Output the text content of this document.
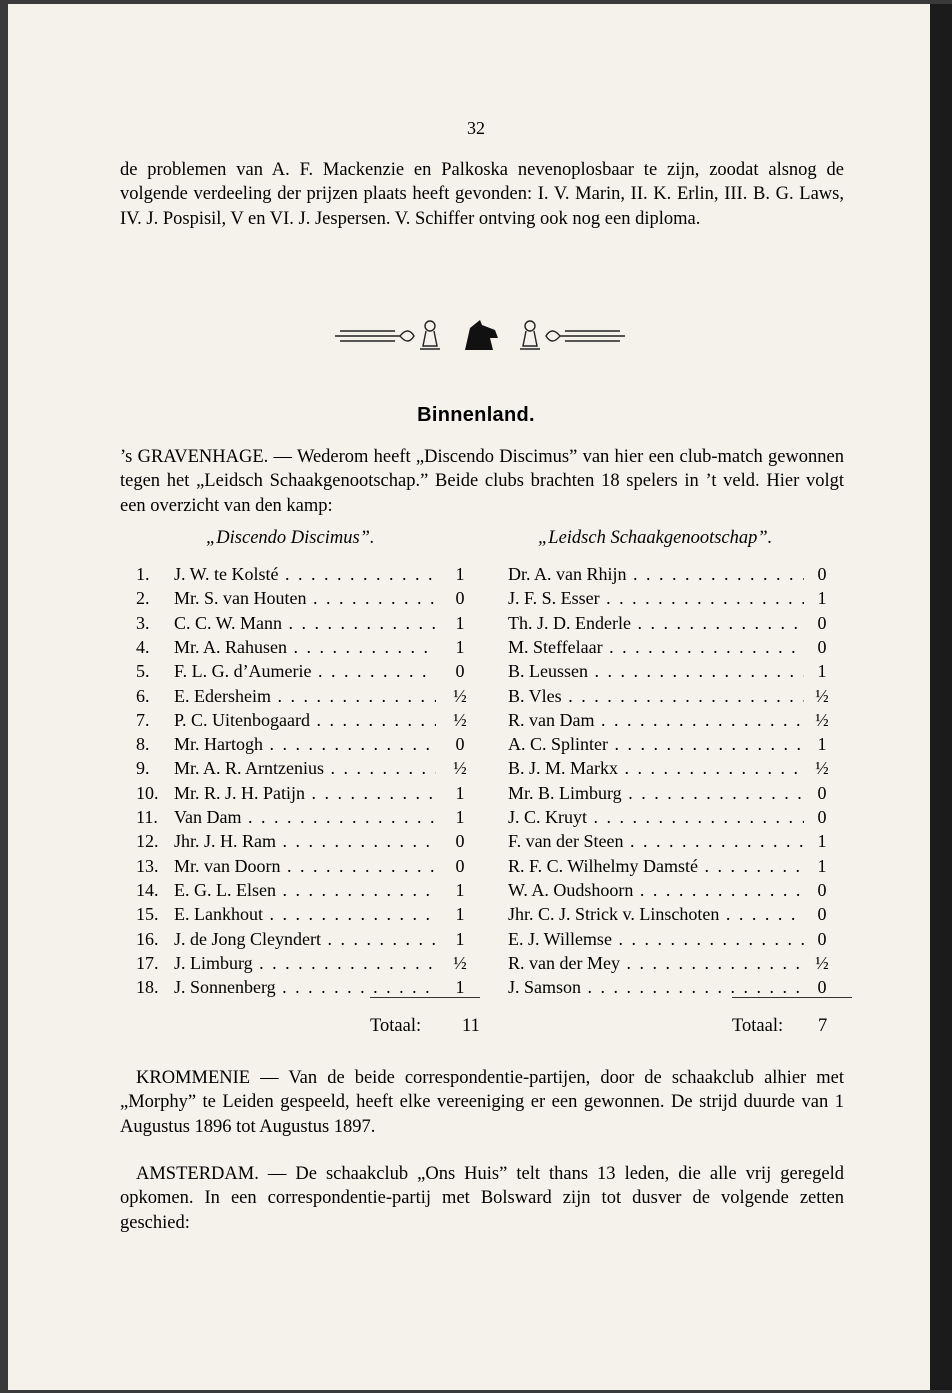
32

de problemen van A. F. Mackenzie en Palkoska nevenoplosbaar te zijn, zoodat alsnog de volgende verdeeling der prijzen plaats heeft gevonden: I. V. Marin, II. K. Erlin, III. B. G. Laws, IV. J. Pospisil, V en VI. J. Jespersen. V. Schiffer ontving ook nog een diploma.

Binnenland.

’s GRAVENHAGE. — Wederom heeft „Discendo Discimus” van hier een club-match gewonnen tegen het „Leidsch Schaakgenootschap.” Beide clubs brachten 18 spelers in ’t veld. Hier volgt een overzicht van den kamp:

„Discendo Discimus”.	„Leidsch Schaakgenootschap”.
1.	J. W. te Kolsté . . .	1	Dr. A. van Rhijn . . .	0
2.	Mr. S. van Houten . . .	0	J. F. S. Esser . . .	1
3.	C. C. W. Mann . . .	1	Th. J. D. Enderle . . .	0
4.	Mr. A. Rahusen . . .	1	M. Steffelaar . . .	0
5.	F. L. G. d’Aumerie . . .	0	B. Leussen . . .	1
6.	E. Edersheim . . .	½	B. Vles . . .	½
7.	P. C. Uitenbogaard . . .	½	R. van Dam . . .	½
8.	Mr. Hartogh . . .	0	A. C. Splinter . . .	1
9.	Mr. A. R. Arntzenius . . .	½	B. J. M. Markx . . .	½
10. Mr. R. J. H. Patijn . . .	1	Mr. B. Limburg . . .	0
11. Van Dam . . .	1	J. C. Kruyt . . .	0
12. Jhr. J. H. Ram . . .	0	F. van der Steen . . .	1
13. Mr. van Doorn . . .	0	R. F. C. Wilhelmy Damsté . . .	1
14. E. G. L. Elsen . . .	1	W. A. Oudshoorn . . .	0
15. E. Lankhout . . .	1	Jhr. C. J. Strick v. Linschoten . . .	0
16. J. de Jong Cleyndert . . .	1	E. J. Willemse . . .	0
17. J. Limburg . . .	½	R. van der Mey . . .	½
18. J. Sonnenberg . . .	1	J. Samson . . .	0
Totaal: 11	Totaal: 7

KROMMENIE — Van de beide correspondentie-partijen, door de schaakclub alhier met „Morphy” te Leiden gespeeld, heeft elke vereeniging er een gewonnen. De strijd duurde van 1 Augustus 1896 tot Augustus 1897.

AMSTERDAM. — De schaakclub „Ons Huis” telt thans 13 leden, die alle vrij geregeld opkomen. In een correspondentie-partij met Bolsward zijn tot dusver de volgende zetten geschied:
